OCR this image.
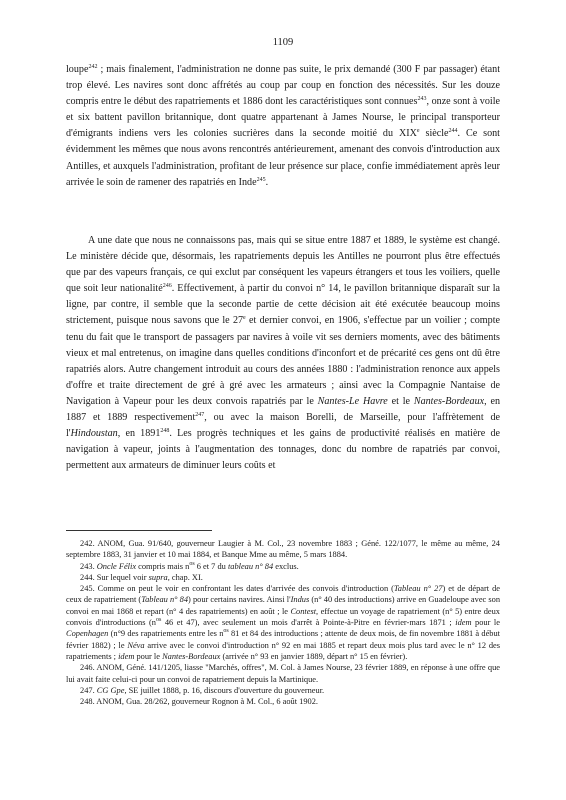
1109

loupe$^{242}$ ; mais finalement, l'administration ne donne pas suite, le prix demandé (300 F par passager) étant trop élevé. Les navires sont donc affrétés au coup par coup en fonction des nécessités. Sur les douze compris entre le début des rapatriements et 1886 dont les caractéristiques sont connues$^{243}$, onze sont à voile et six battent pavillon britannique, dont quatre appartenant à James Nourse, le principal transporteur d'émigrants indiens vers les colonies sucrières dans la seconde moitié du XIXe siècle$^{244}$. Ce sont évidemment les mêmes que nous avons rencontrés antérieurement, amenant des convois d'introduction aux Antilles, et auxquels l'administration, profitant de leur présence sur place, confie immédiatement après leur arrivée le soin de ramener des rapatriés en Inde$^{245}$.

A une date que nous ne connaissons pas, mais qui se situe entre 1887 et 1889, le système est changé. Le ministère décide que, désormais, les rapatriements depuis les Antilles ne pourront plus être effectués que par des vapeurs français, ce qui exclut par conséquent les vapeurs étrangers et tous les voiliers, quelle que soit leur nationalité$^{246}$. Effectivement, à partir du convoi n° 14, le pavillon britannique disparaît sur la ligne, par contre, il semble que la seconde partie de cette décision ait été exécutée beaucoup moins strictement, puisque nous savons que le 27e et dernier convoi, en 1906, s'effectue par un voilier ; compte tenu du fait que le transport de passagers par navires à voile vit ses derniers moments, avec des bâtiments vieux et mal entretenus, on imagine dans quelles conditions d'inconfort et de précarité ces gens ont dû être rapatriés alors. Autre changement introduit au cours des années 1880 : l'administration renonce aux appels d'offre et traite directement de gré à gré avec les armateurs ; ainsi avec la Compagnie Nantaise de Navigation à Vapeur pour les deux convois rapatriés par le Nantes-Le Havre et le Nantes-Bordeaux, en 1887 et 1889 respectivement$^{247}$, ou avec la maison Borelli, de Marseille, pour l'affrètement de l'Hindoustan, en 1891$^{248}$. Les progrès techniques et les gains de productivité réalisés en matière de navigation à vapeur, joints à l'augmentation des tonnages, donc du nombre de rapatriés par convoi, permettent aux armateurs de diminuer leurs coûts et

242. ANOM, Gua. 91/640, gouverneur Laugier à M. Col., 23 novembre 1883 ; Géné. 122/1077, le même au même, 24 septembre 1883, 31 janvier et 10 mai 1884, et Banque Mme au même, 5 mars 1884.

243. Oncle Félix compris mais $n^{os}$ 6 et 7 du tableau n° 84 exclus.

244. Sur lequel voir supra, chap. XI.

245. Comme on peut le voir en confrontant les dates d'arrivée des convois d'introduction (Tableau n° 27) et de départ de ceux de rapatriement (Tableau n° 84) pour certains navires. Ainsi l'Indus (n° 40 des introductions) arrive en Guadeloupe avec son convoi en mai 1868 et repart (n° 4 des rapatriements) en août ; le Contest, effectue un voyage de rapatriement (n° 5) entre deux convois d'introductions ($n^{os}$ 46 et 47), avec seulement un mois d'arrêt à Pointe-à-Pitre en février-mars 1871 ; idem pour le Copenhagen (n°9 des rapatriements entre les $n^{os}$ 81 et 84 des introductions ; attente de deux mois, de fin novembre 1881 à début février 1882) ; le Néva arrive avec le convoi d'introduction n° 92 en mai 1885 et repart deux mois plus tard avec le n° 12 des rapatriements ; idem pour le Nantes-Bordeaux (arrivée n° 93 en janvier 1889, départ n° 15 en février).

246. ANOM, Géné. 141/1205, liasse "Marchés, offres", M. Col. à James Nourse, 23 février 1889, en réponse à une offre que lui avait faite celui-ci pour un convoi de rapatriement depuis la Martinique.

247. CG Gpe, SE juillet 1888, p. 16, discours d'ouverture du gouverneur.

248. ANOM, Gua. 28/262, gouverneur Rognon à M. Col., 6 août 1902.
